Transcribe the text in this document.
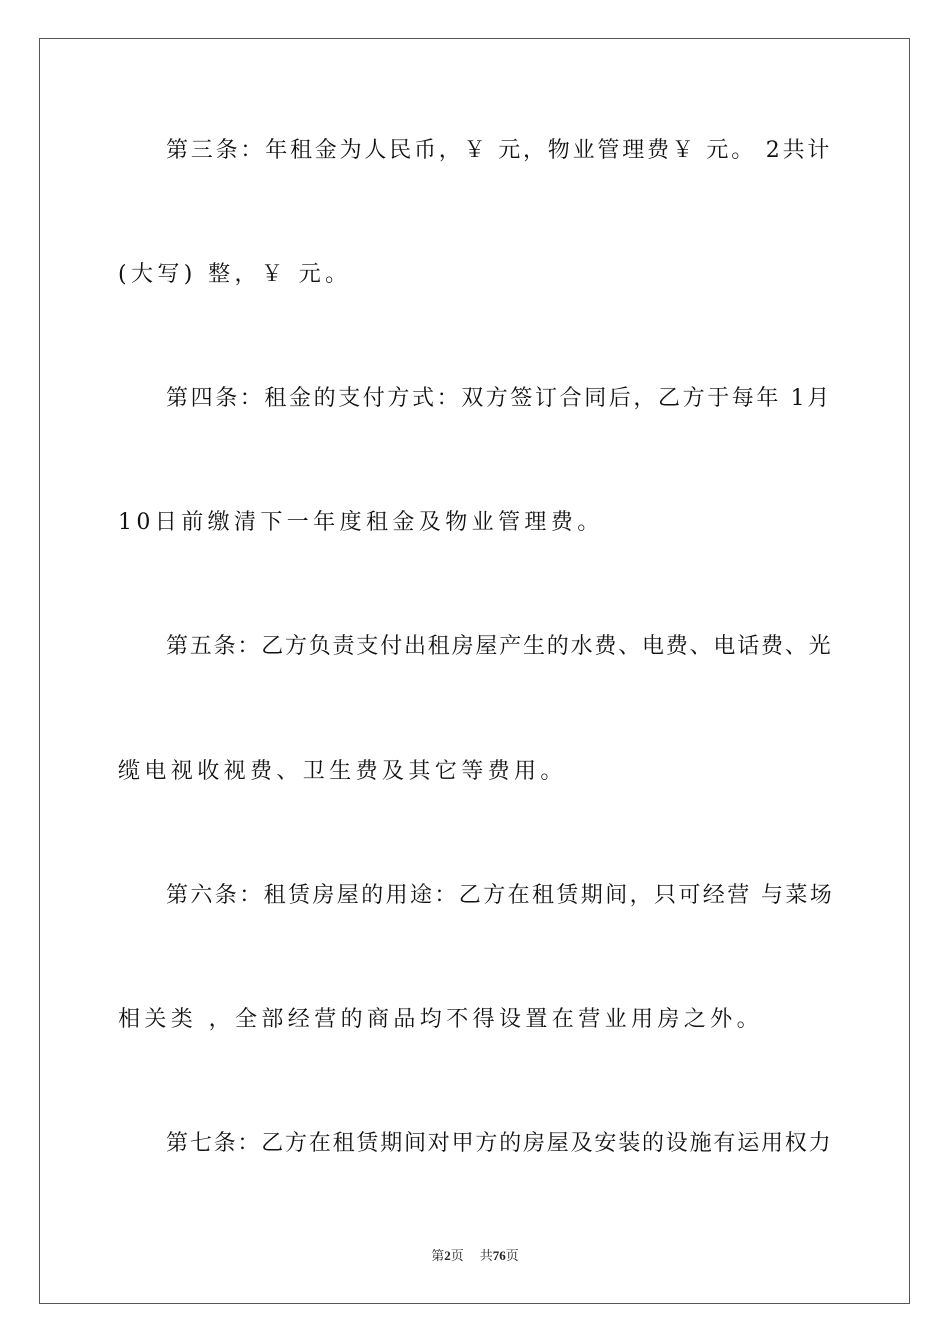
第三条：年租金为人民币，￥ 元，物业管理费￥ 元。 2共计
(大写) 整，￥ 元。
第四条：租金的支付方式：双方签订合同后，乙方于每年 1月
10日前缴清下一年度租金及物业管理费。
第五条：乙方负责支付出租房屋产生的水费、电费、电话费、光
缆电视收视费、卫生费及其它等费用。
第六条：租赁房屋的用途：乙方在租赁期间，只可经营 与菜场
相关类 ，全部经营的商品均不得设置在营业用房之外。
第七条：乙方在租赁期间对甲方的房屋及安装的设施有运用权力
第2页 共76页
